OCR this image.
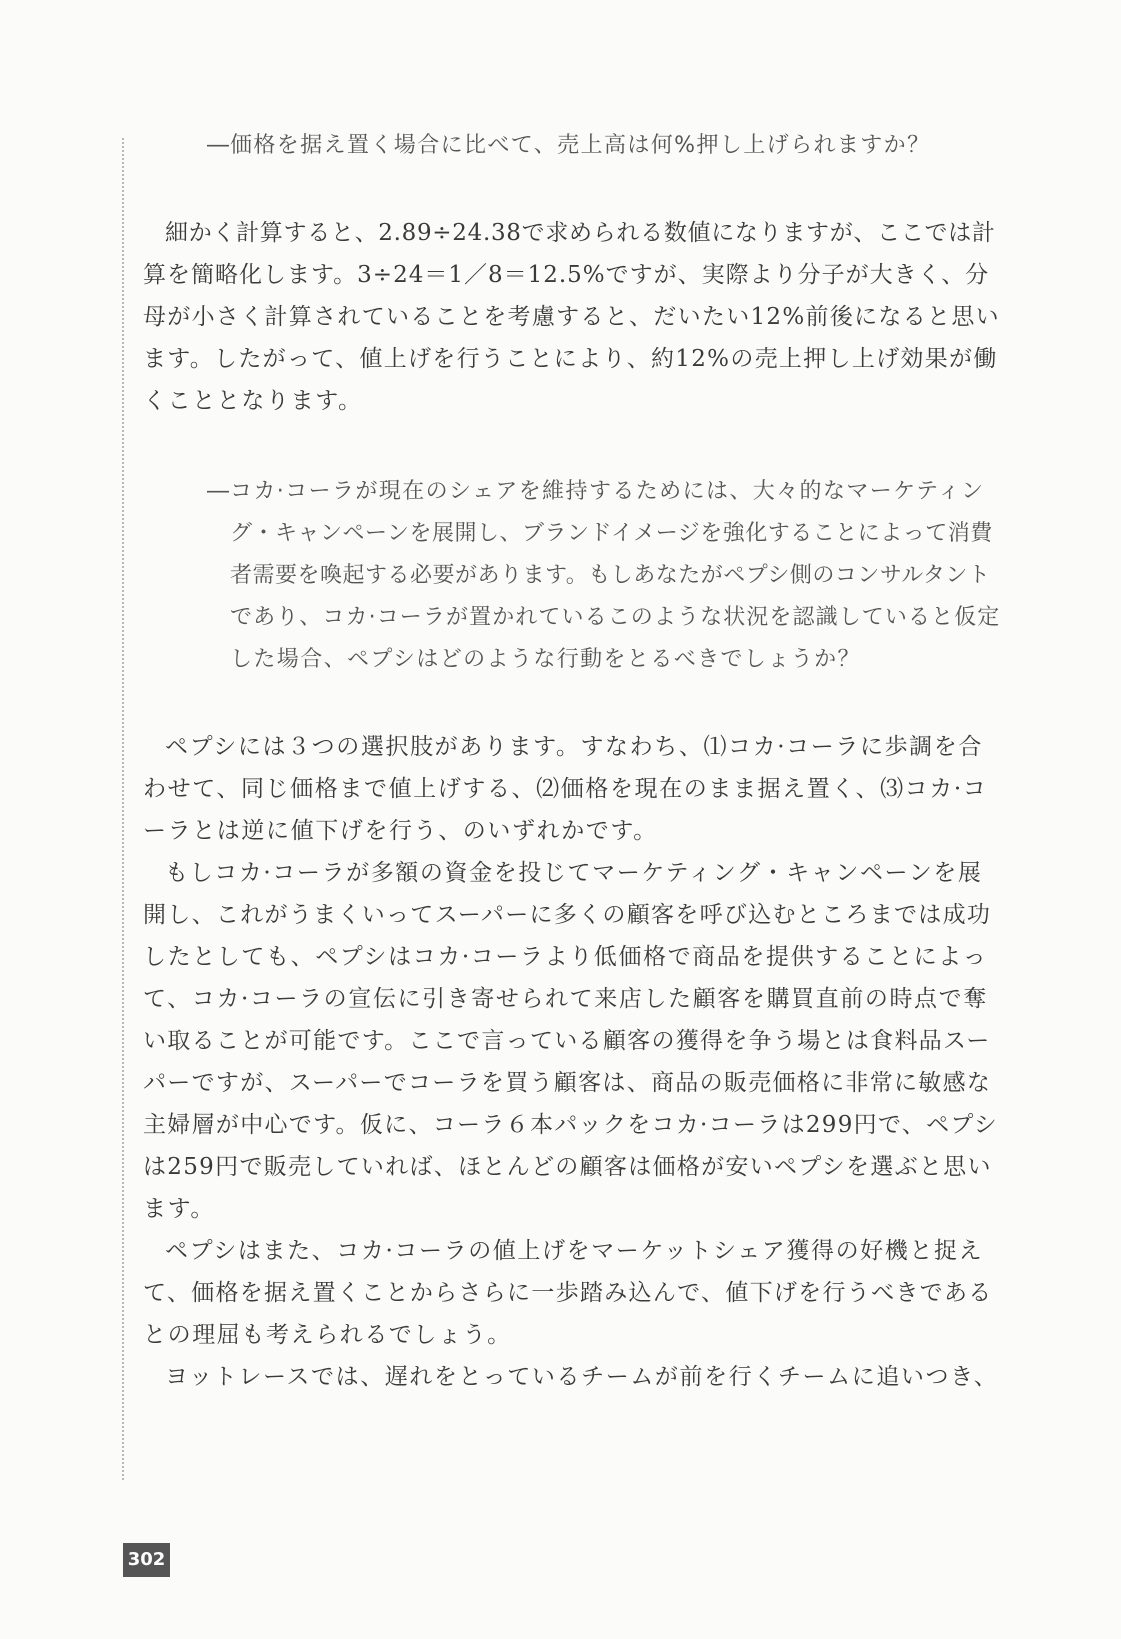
― 価格を据え置く場合に比べて、売上高は何%押し上げられますか？
細かく計算すると、2.89÷24.38で求められる数値になりますが、ここでは計
算を簡略化します。3÷24＝1／8＝12.5%ですが、実際より分子が大きく、分
母が小さく計算されていることを考慮すると、だいたい12%前後になると思い
ます。したがって、値上げを行うことにより、約12%の売上押し上げ効果が働
くこととなります。
― コカ·コーラが現在のシェアを維持するためには、大々的なマーケティン
グ・キャンペーンを展開し、ブランドイメージを強化することによって消費
者需要を喚起する必要があります。もしあなたがペプシ側のコンサルタント
であり、コカ·コーラが置かれているこのような状況を認識していると仮定
した場合、ペプシはどのような行動をとるべきでしょうか？
ペプシには３つの選択肢があります。すなわち、⑴コカ·コーラに歩調を合
わせて、同じ価格まで値上げする、⑵価格を現在のまま据え置く、⑶コカ·コ
ーラとは逆に値下げを行う、のいずれかです。
もしコカ·コーラが多額の資金を投じてマーケティング・キャンペーンを展
開し、これがうまくいってスーパーに多くの顧客を呼び込むところまでは成功
したとしても、ペプシはコカ·コーラより低価格で商品を提供することによっ
て、コカ·コーラの宣伝に引き寄せられて来店した顧客を購買直前の時点で奪
い取ることが可能です。ここで言っている顧客の獲得を争う場とは食料品スー
パーですが、スーパーでコーラを買う顧客は、商品の販売価格に非常に敏感な
主婦層が中心です。仮に、コーラ６本パックをコカ·コーラは299円で、ペプシ
は259円で販売していれば、ほとんどの顧客は価格が安いペプシを選ぶと思い
ます。
ペプシはまた、コカ·コーラの値上げをマーケットシェア獲得の好機と捉え
て、価格を据え置くことからさらに一歩踏み込んで、値下げを行うべきである
との理屈も考えられるでしょう。
ヨットレースでは、遅れをとっているチームが前を行くチームに追いつき、
302
